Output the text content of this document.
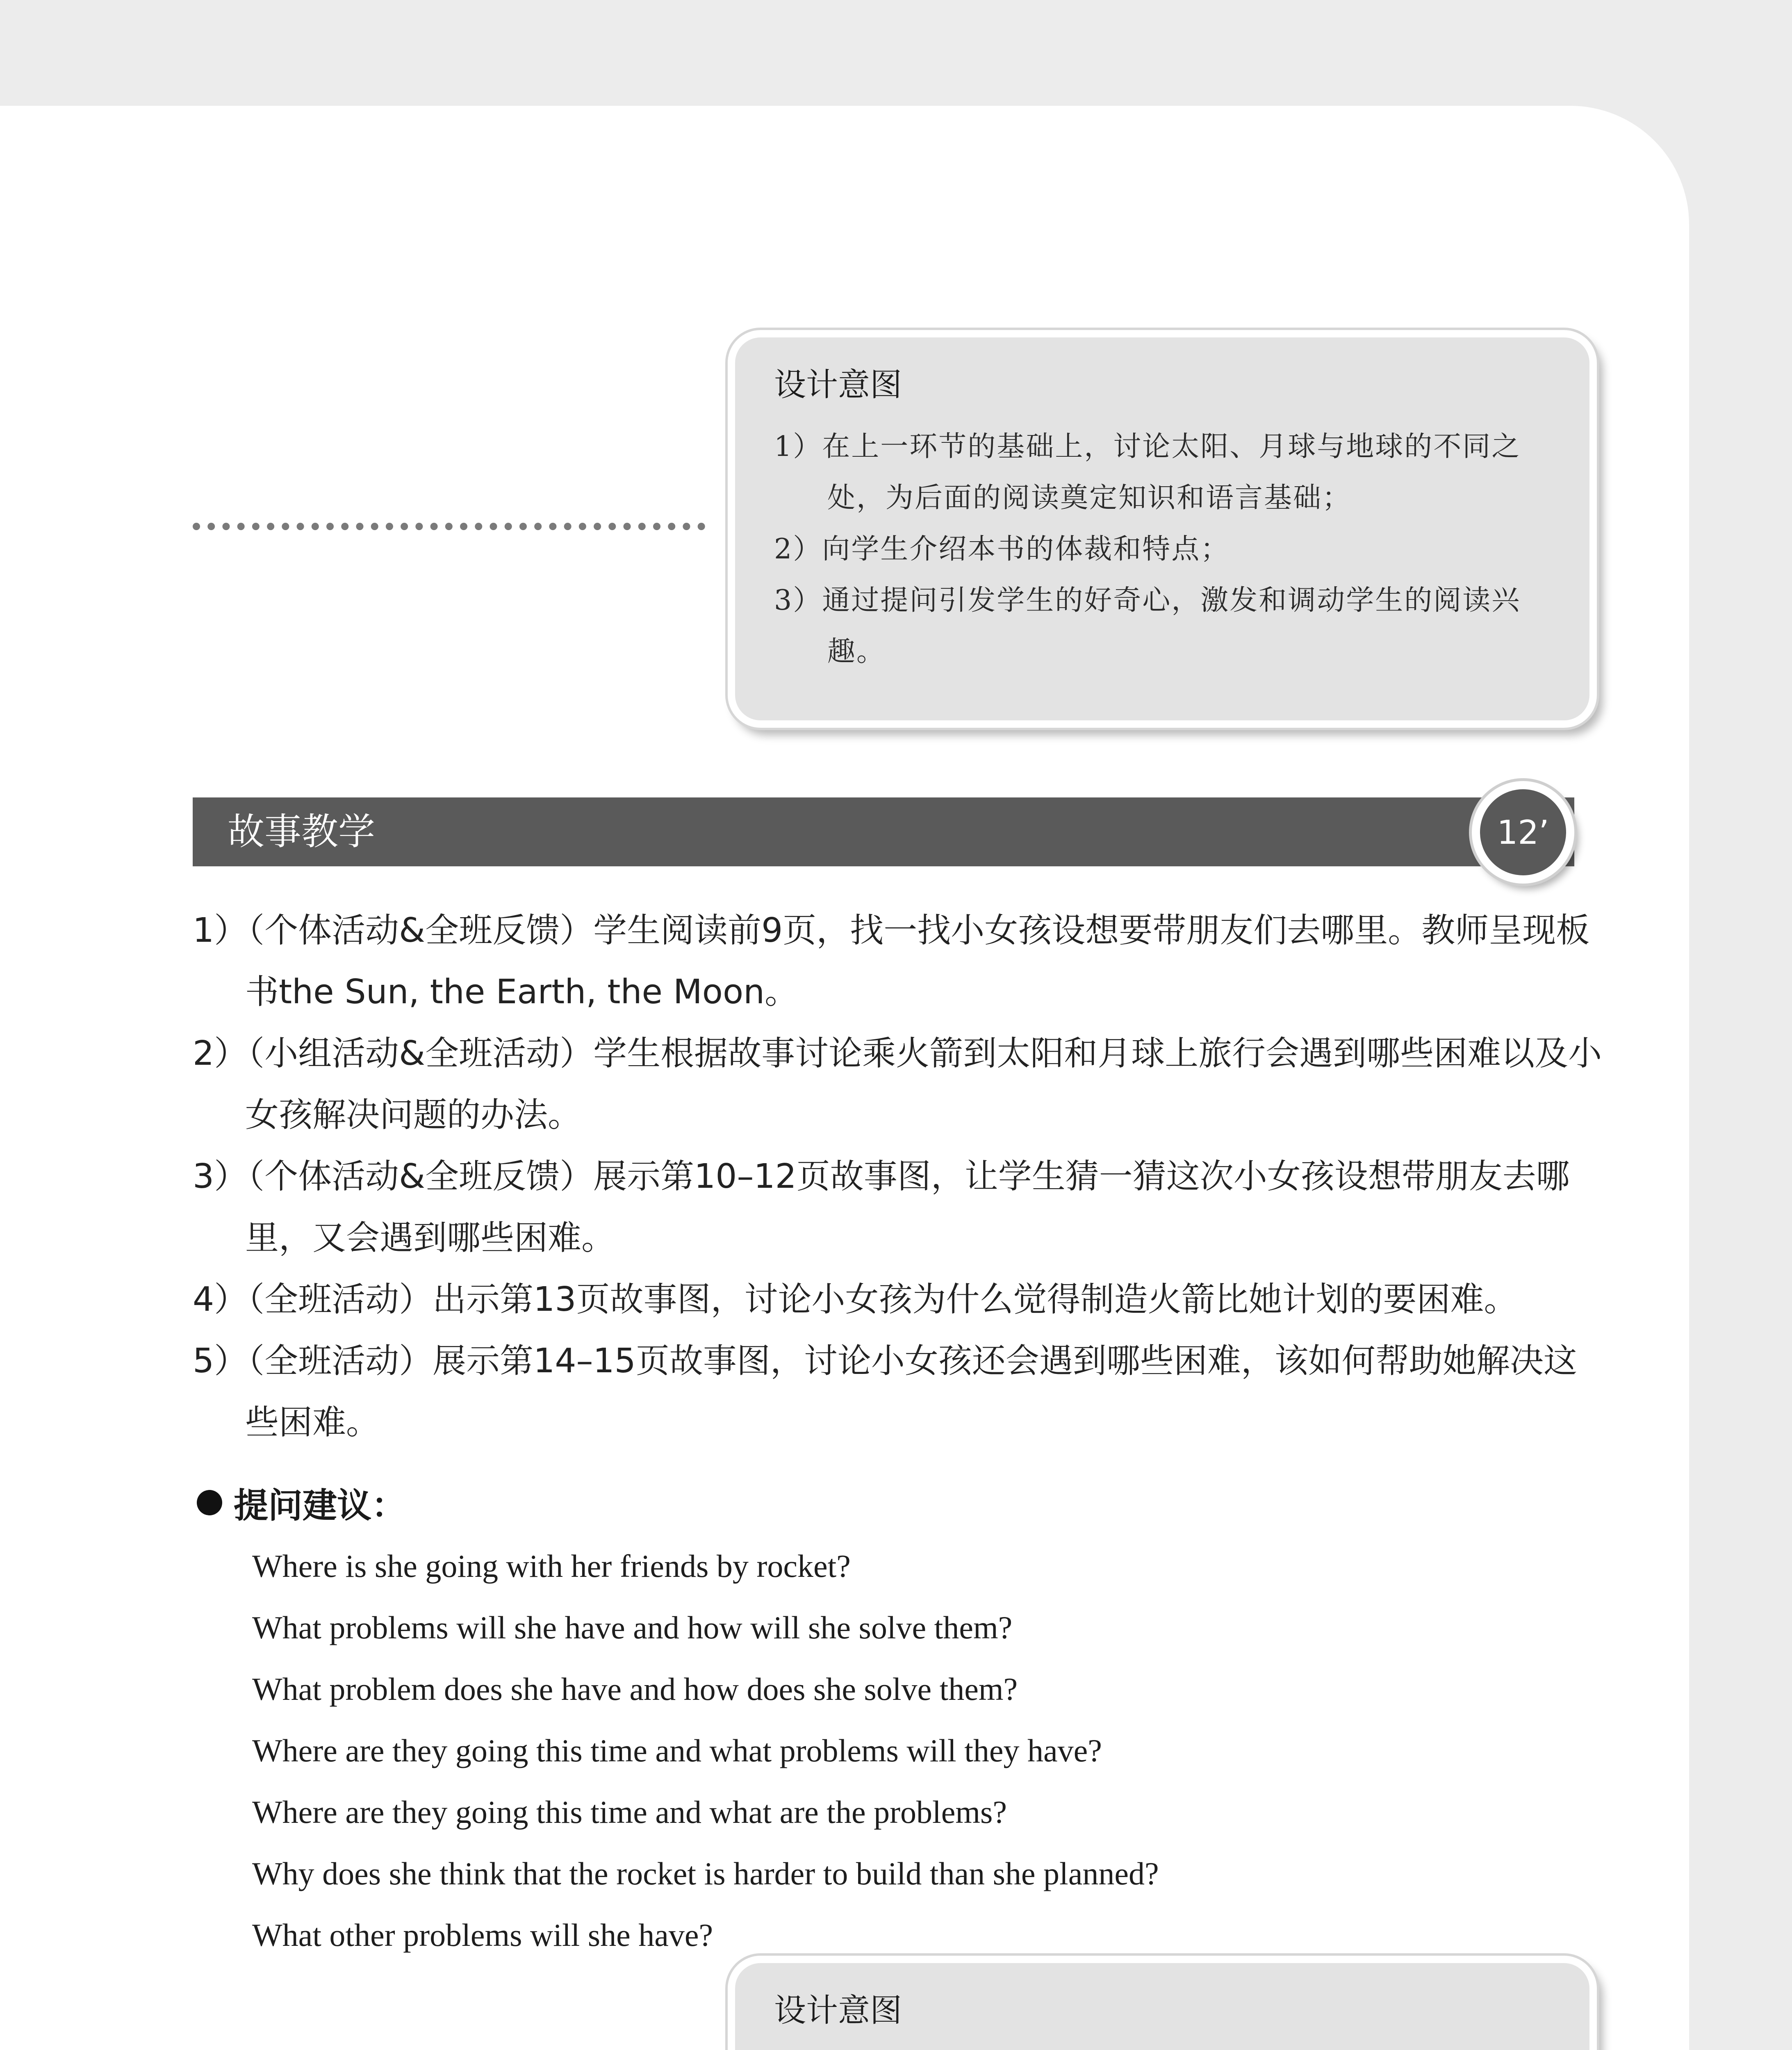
设计意图
1）在上一环节的基础上，讨论太阳、月球与地球的不同之处，为后面的阅读奠定知识和语言基础；
2）向学生介绍本书的体裁和特点；
3）通过提问引发学生的好奇心，激发和调动学生的阅读兴趣。
故事教学	12’
1）（个体活动&全班反馈）学生阅读前9页，找一找小女孩设想要带朋友们去哪里。教师呈现板书the Sun, the Earth, the Moon。
2）（小组活动&全班活动）学生根据故事讨论乘火箭到太阳和月球上旅行会遇到哪些困难以及小女孩解决问题的办法。
3）（个体活动&全班反馈）展示第10–12页故事图，让学生猜一猜这次小女孩设想带朋友去哪里，又会遇到哪些困难。
4）（全班活动）出示第13页故事图，讨论小女孩为什么觉得制造火箭比她计划的要困难。
5）（全班活动）展示第14–15页故事图，讨论小女孩还会遇到哪些困难，该如何帮助她解决这些困难。
提问建议：
Where is she going with her friends by rocket?
What problems will she have and how will she solve them?
What problem does she have and how does she solve them?
Where are they going this time and what problems will they have?
Where are they going this time and what are the problems?
Why does she think that the rocket is harder to build than she planned?
What other problems will she have?
设计意图
